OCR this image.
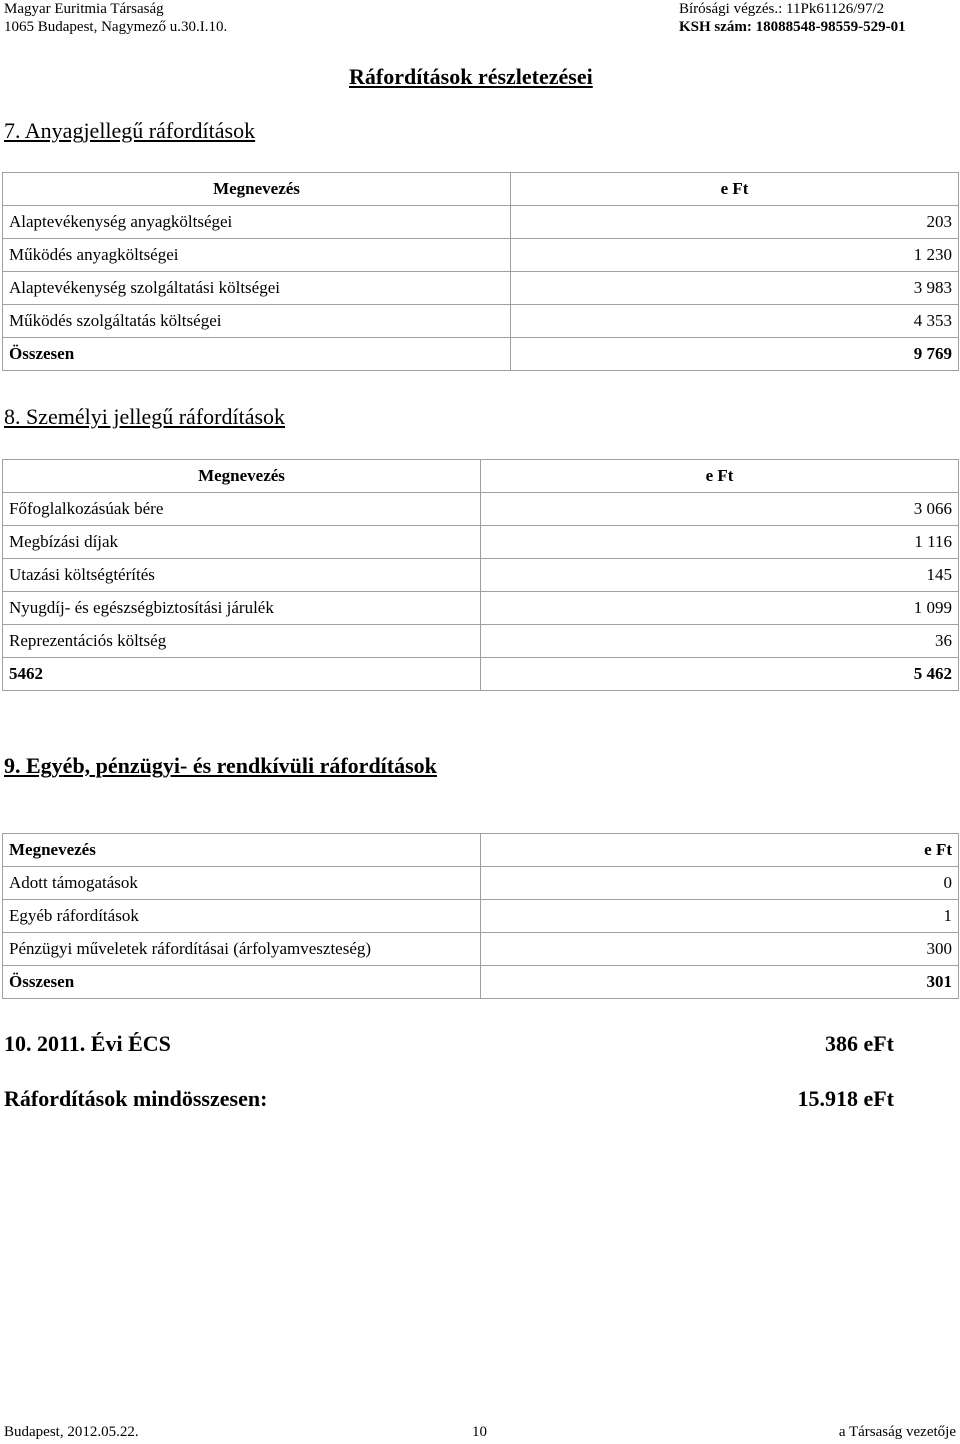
Magyar Euritmia Társaság
1065 Budapest, Nagymező u.30.I.10.
Bírósági végzés.: 11Pk61126/97/2
KSH szám: 18088548-98559-529-01
Ráfordítások részletezései
7. Anyagjellegű ráfordítások
Megnevezés	e Ft
Alaptevékenység anyagköltségei	203
Működés anyagköltségei	1 230
Alaptevékenység szolgáltatási költségei	3 983
Működés szolgáltatás költségei	4 353
Összesen	9 769
8. Személyi jellegű ráfordítások
Megnevezés	e Ft
Főfoglalkozásúak bére	3 066
Megbízási díjak	1 116
Utazási költségtérítés	145
Nyugdíj- és egészségbiztosítási járulék	1 099
Reprezentációs költség	36
5462	5 462
9. Egyéb, pénzügyi- és rendkívüli ráfordítások
Megnevezés	e Ft
Adott támogatások	0
Egyéb ráfordítások	1
Pénzügyi műveletek ráfordításai (árfolyamveszteség)	300
Összesen	301
10. 2011. Évi ÉCS	386 eFt
Ráfordítások mindösszesen:	15.918 eFt
Budapest, 2012.05.22.	10	a Társaság vezetője
